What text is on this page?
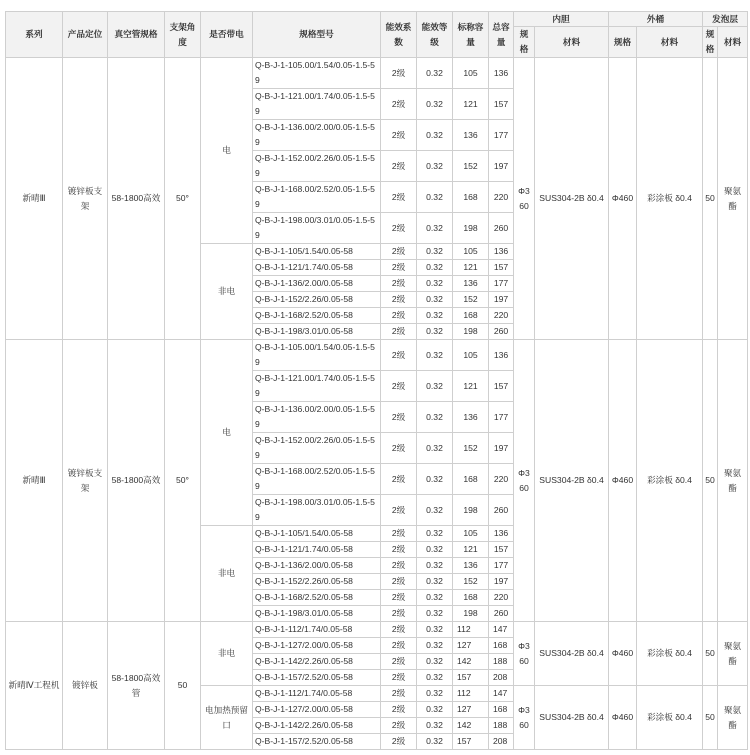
系列	产品定位	真空管规格	支架角度	是否带电	规格型号	能效系数	能效等级	标称容量	总容量	内胆		外桶		发泡层	
										规格	材料	规格	材料	规格	材料
新晴Ⅲ	镀锌板支架	58-1800高效	50°	电	Q-B-J-1-105.00/1.54/0.05-1.5-59	2级	0.32	105	136	Φ360	SUS304-2B δ0.4	Φ460	彩涂板 δ0.4	50	聚氨酯
					Q-B-J-1-121.00/1.74/0.05-1.5-59	2级	0.32	121	157						
					Q-B-J-1-136.00/2.00/0.05-1.5-59	2级	0.32	136	177						
					Q-B-J-1-152.00/2.26/0.05-1.5-59	2级	0.32	152	197						
					Q-B-J-1-168.00/2.52/0.05-1.5-59	2级	0.32	168	220						
					Q-B-J-1-198.00/3.01/0.05-1.5-59	2级	0.32	198	260						
				非电	Q-B-J-1-105/1.54/0.05-58	2级	0.32	105	136						
					Q-B-J-1-121/1.74/0.05-58	2级	0.32	121	157						
					Q-B-J-1-136/2.00/0.05-58	2级	0.32	136	177						
					Q-B-J-1-152/2.26/0.05-58	2级	0.32	152	197						
					Q-B-J-1-168/2.52/0.05-58	2级	0.32	168	220						
					Q-B-J-1-198/3.01/0.05-58	2级	0.32	198	260						
新晴Ⅲ	镀锌板支架	58-1800高效	50°	电	Q-B-J-1-105.00/1.54/0.05-1.5-59	2级	0.32	105	136	Φ360	SUS304-2B δ0.4	Φ460	彩涂板 δ0.4	50	聚氨酯
					Q-B-J-1-121.00/1.74/0.05-1.5-59	2级	0.32	121	157						
					Q-B-J-1-136.00/2.00/0.05-1.5-59	2级	0.32	136	177						
					Q-B-J-1-152.00/2.26/0.05-1.5-59	2级	0.32	152	197						
					Q-B-J-1-168.00/2.52/0.05-1.5-59	2级	0.32	168	220						
					Q-B-J-1-198.00/3.01/0.05-1.5-59	2级	0.32	198	260						
				非电	Q-B-J-1-105/1.54/0.05-58	2级	0.32	105	136						
					Q-B-J-1-121/1.74/0.05-58	2级	0.32	121	157						
					Q-B-J-1-136/2.00/0.05-58	2级	0.32	136	177						
					Q-B-J-1-152/2.26/0.05-58	2级	0.32	152	197						
					Q-B-J-1-168/2.52/0.05-58	2级	0.32	168	220						
					Q-B-J-1-198/3.01/0.05-58	2级	0.32	198	260						
新晴Ⅳ工程机	镀锌板	58-1800高效管	50	非电	Q-B-J-1-112/1.74/0.05-58	2级	0.32	112	147	Φ360	SUS304-2B δ0.4	Φ460	彩涂板 δ0.4	50	聚氨酯
					Q-B-J-1-127/2.00/0.05-58	2级	0.32	127	168						
					Q-B-J-1-142/2.26/0.05-58	2级	0.32	142	188						
					Q-B-J-1-157/2.52/0.05-58	2级	0.32	157	208						
				电加热预留口	Q-B-J-1-112/1.74/0.05-58	2级	0.32	112	147	Φ360	SUS304-2B δ0.4	Φ460	彩涂板 δ0.4	50	聚氨酯
					Q-B-J-1-127/2.00/0.05-58	2级	0.32	127	168						
					Q-B-J-1-142/2.26/0.05-58	2级	0.32	142	188						
					Q-B-J-1-157/2.52/0.05-58	2级	0.32	157	208						
